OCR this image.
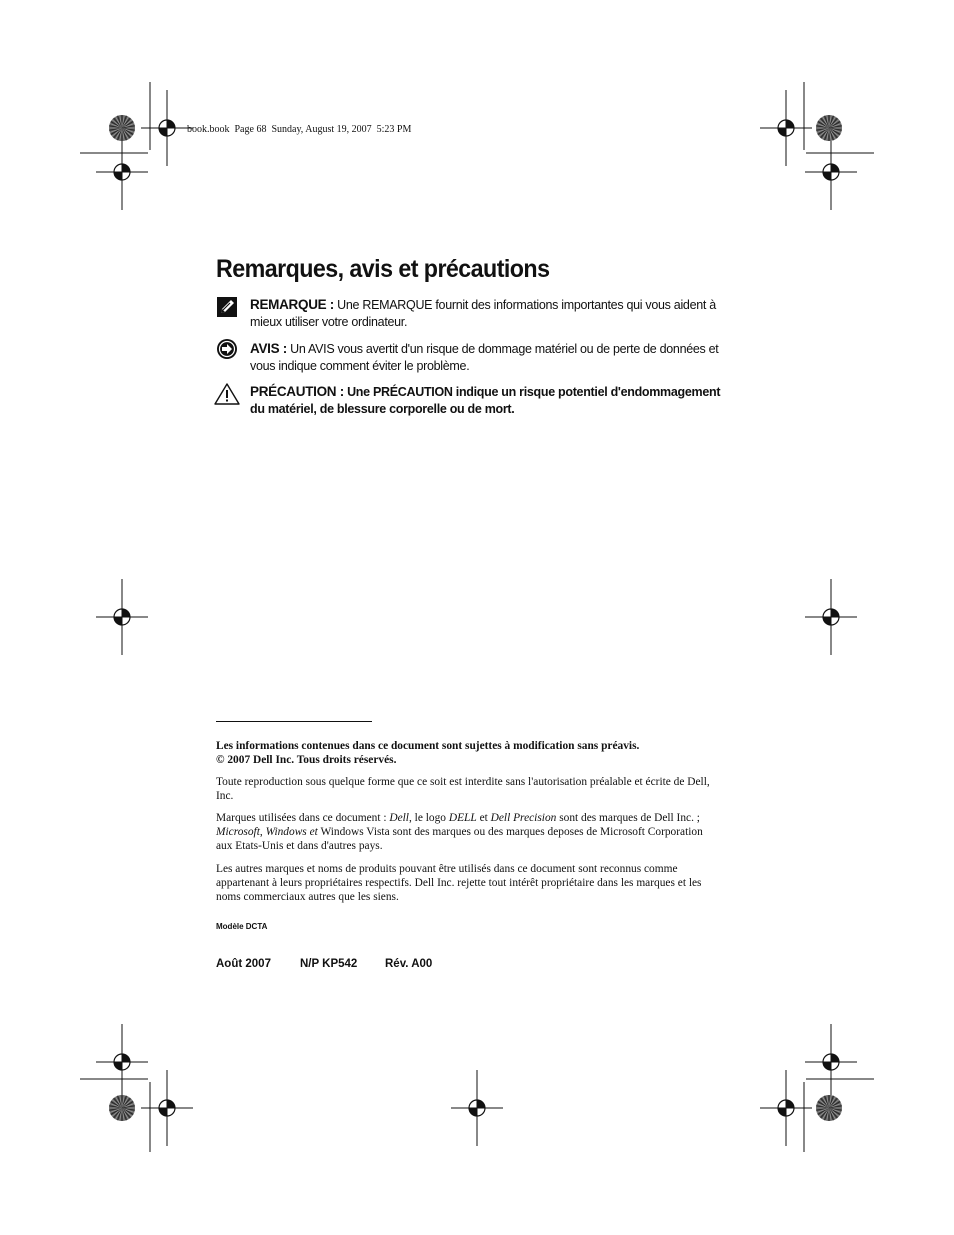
book.book  Page 68  Sunday, August 19, 2007  5:23 PM
Remarques, avis et précautions

REMARQUE : Une REMARQUE fournit des informations importantes qui vous aident à mieux utiliser votre ordinateur.

AVIS : Un AVIS vous avertit d'un risque de dommage matériel ou de perte de données et vous indique comment éviter le problème.

PRÉCAUTION : Une PRÉCAUTION indique un risque potentiel d'endommagement du matériel, de blessure corporelle ou de mort.

Les informations contenues dans ce document sont sujettes à modification sans préavis.
© 2007 Dell Inc. Tous droits réservés.

Toute reproduction sous quelque forme que ce soit est interdite sans l'autorisation préalable et écrite de Dell, Inc.

Marques utilisées dans ce document : Dell, le logo DELL et Dell Precision sont des marques de Dell Inc. ; Microsoft, Windows et Windows Vista sont des marques ou des marques deposes de Microsoft Corporation aux Etats-Unis et dans d'autres pays.

Les autres marques et noms de produits pouvant être utilisés dans ce document sont reconnus comme appartenant à leurs propriétaires respectifs. Dell Inc. rejette tout intérêt propriétaire dans les marques et les noms commerciaux autres que les siens.

Modèle DCTA
Août 2007	N/P KP542 Rév. A00
